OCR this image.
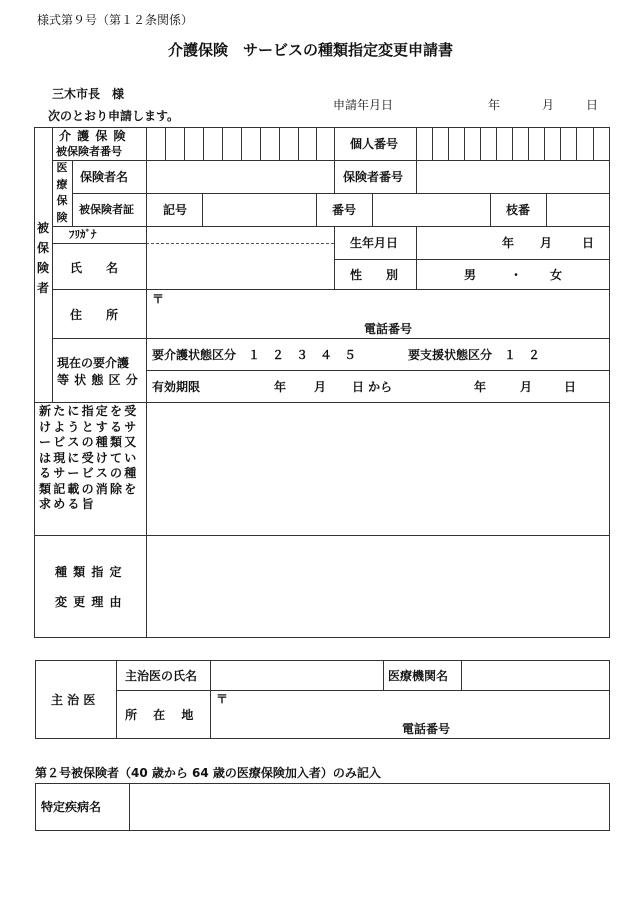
様式第９号（第１２条関係）
介護保険　サービスの種類指定変更申請書
三木市長　様
次のとおり申請します。
申請年月日	年	月	日
被
保
険
者
介 護 保 険
被保険者番号
個人番号
医
療
保
険
保険者名	保険者番号
被保険者証 記号	番号	枝番
ﾌﾘｶﾞﾅ
氏　　名
生年月日	年 月 日
性　　別	男	・ 女
住　　所
〒
電話番号
現在の要介護
等 状 態 区 分
要介護状態区分　１　２　３　４　５	要支援状態区分　１　２
有効期限	年 月 日 から	年	月	日
新たに指定を受けようとするサービスの種類又は現に受けているサービスの種類記載の消除を求める旨
種 類 指 定
変 更 理 由
主 治 医
主治医の氏名	医療機関名
所　 在　 地
〒
電話番号
第２号被保険者（40 歳から 64 歳の医療保険加入者）のみ記入
特定疾病名
